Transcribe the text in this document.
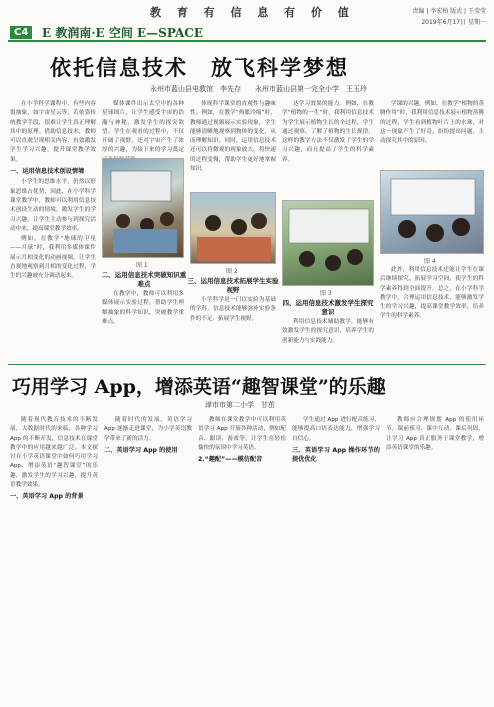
教 育 有 信 息 有 价 值
C4	E 教润南·E 空间 E—SPACE
责编 | 李宏柏 版式 | 王莹莹
2019年6月17日 星期一
依托信息技术　放飞科学梦想
永州市蓝山县电教馆　李先存　　永州市蓝山县第一完全小学　王玉玲

在小学科学课程中，有些内容很抽象，如宇宙星云等，若依靠传统教学手段，很难让学生真正理解其中的原理。借助信息技术，教师可以直观呈现相关内容，有效激发学生学习兴趣，提升课堂教学效果。

一、运用信息技术创设情境

小学生的思维水平，仍然以形象思维占优势，因此，在小学科学课堂教学中，教师可以利用信息技术创设生动的情境，激发学生的学习兴趣，让学生主动参与到探究活动中来，提高课堂教学效率。

例如，在教学“地球的卫星——月球”时，我利用多媒体课件展示月相变化的动画视频，让学生直观地观察到月相的变化过程，学生的兴趣被充分调动起来。

媒体课件出示太空中的各种星球图片，让学生感受宇宙的浩瀚与神秘，激发学生的探究欲望。学生在观看的过程中，不仅开阔了视野，还对宇宙产生了浓厚的兴趣，为接下来的学习奠定

图 1
二、运用信息技术突破知识重难点

在教学中，教师可以利用多媒体展示实验过程，帮助学生理解抽象的科学知识，突破教学重难点。

体现科学课堂的直观性与趣味性。例如，在教学“热胀冷缩”时，教师通过视频展示实验现象，学生能够清晰地观察到物体的变化，从而理解知识。同时，运用信息技术还可以将微观的现象放大，将快速的过程变慢，帮助学生更好地掌握知识。

图 2
三、运用信息技术拓展学生实验视野

小学科学是一门以实验为基础的学科，信息技术能够弥补实验条件的不足，拓展学生视野。

达学习效果的能力。例如，在教学“植物的一生”时，我利用信息技术为学生展示植物生长的全过程，学生通过观察，了解了植物的生长规律，这样的教学方法不仅激发了学生的学习兴趣，而且提高了学生的科学素养。

图 3
四、运用信息技术激发学生探究意识

利用信息技术辅助教学，能够有效激发学生的探究意识，培养学生的创新能力与实践能力。

学课的兴趣。例如，在教学“植物的蒸腾作用”时，我利用信息技术展示植物蒸腾的过程，学生看到植物叶片上的水珠，对这一现象产生了好奇，纷纷提出问题，主动探究其中的原因。

图 4

此外，利用信息技术还能让学生在课后继续探究，拓展学习空间，使学生的科学素养得到全面提升。总之，在小学科学教学中，合理运用信息技术，能够激发学生的学习兴趣，提高课堂教学效率，培养学生的科学素养。

巧用学习 App，增添英语“趣智课堂”的乐趣
津市市第二小学　甘茁

随着现代教育技术的不断发展，大数据时代的来临，各种学习 App 的不断开发，信息技术在课堂教学中的应用越来越广泛。本文探讨在小学英语课堂中如何巧用学习 App，增添英语“趣智课堂”的乐趣，激发学生的学习兴趣，提升英语教学效果。

一、英语学习 App 的背景

随着时代的发展，英语学习 App 逐渐走进课堂，为小学英语教学带来了新的活力。

二、英语学习 App 的使用

教师在课堂教学中可以利用英语学习 App 开展各种活动，例如配音、跟读、游戏等，让学生在轻松愉快的氛围中学习英语。

2.“趣配”——模仿配音

学生通过 App 进行配音练习，能够提高口语表达能力，增强学习自信心。

三、英语学习 App 操作环节的提优优化

教师应合理规划 App 的使用环节，课前预习、课中互动、课后巩固，让学习 App 真正服务于课堂教学，增添英语课堂的乐趣。
